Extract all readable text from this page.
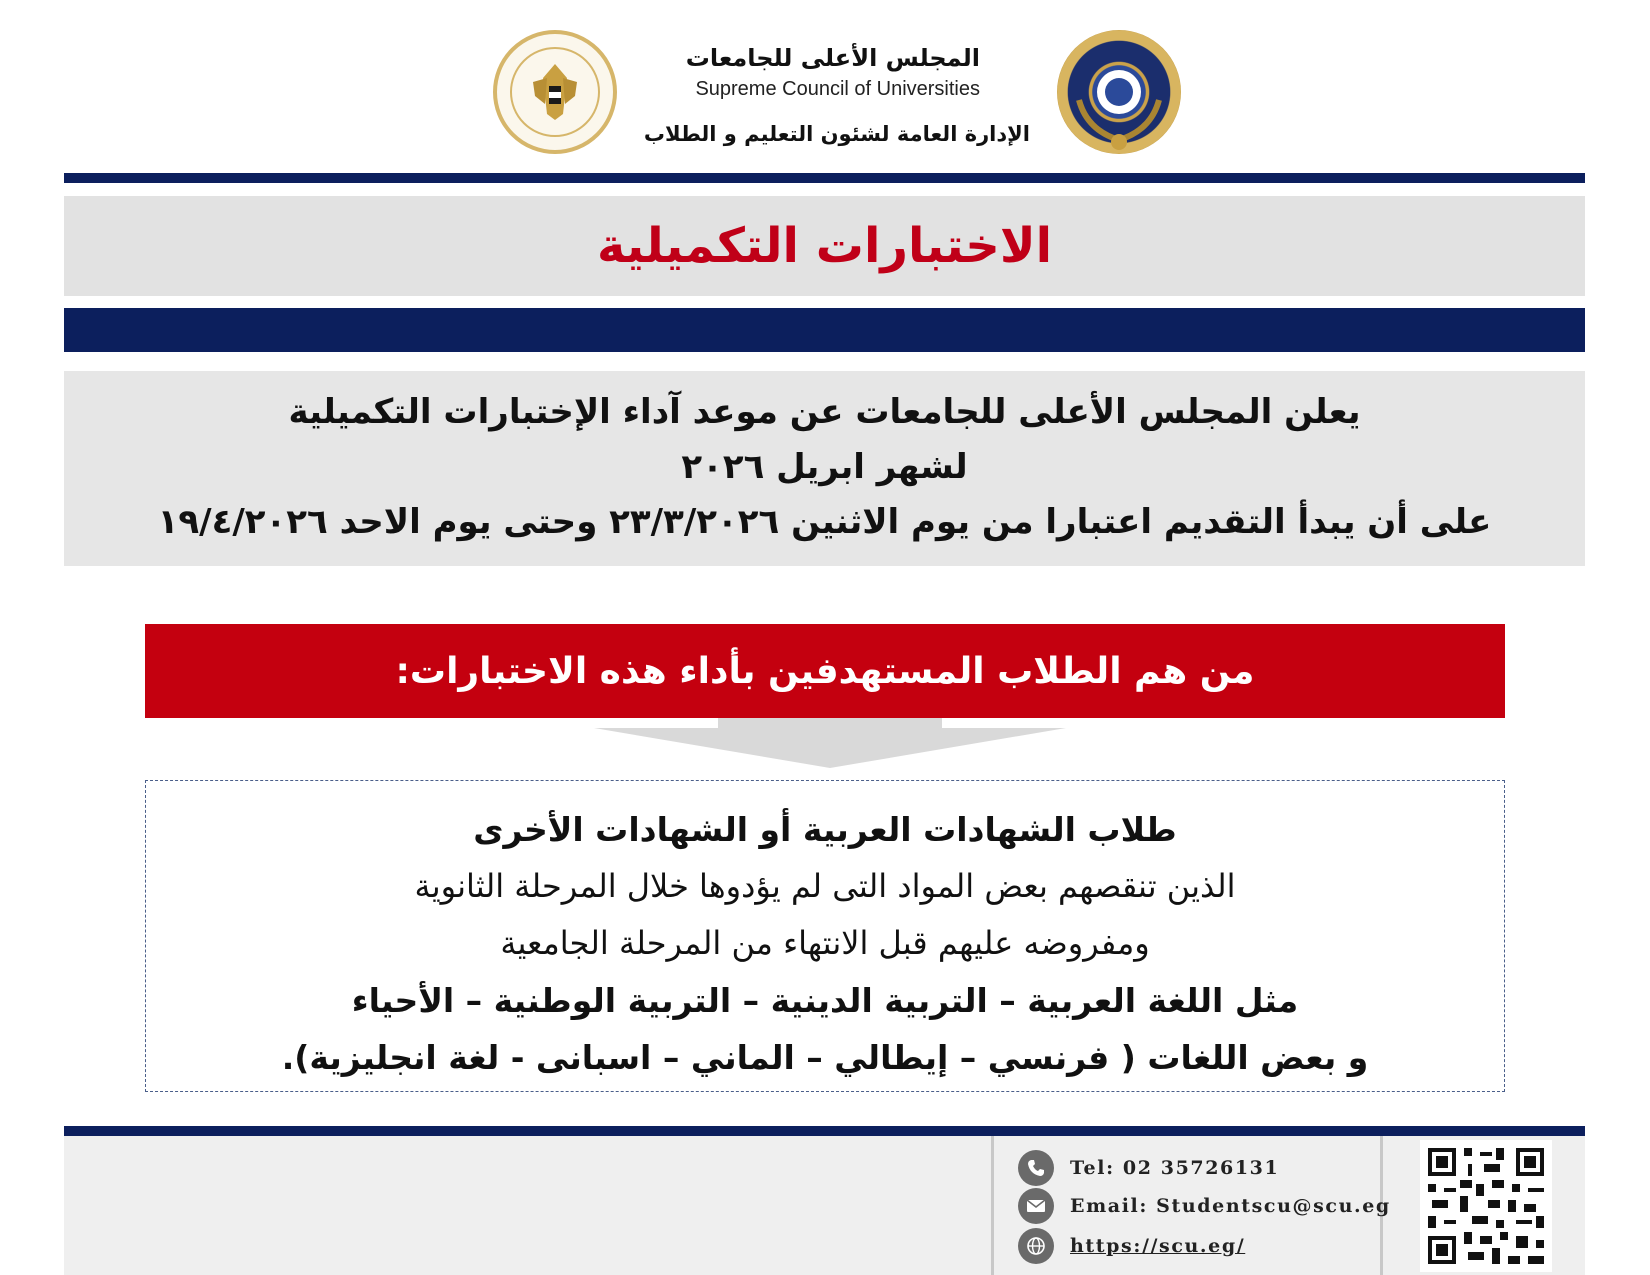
المجلس الأعلى للجامعات
Supreme Council of Universities
الإدارة العامة لشئون التعليم و الطلاب
الاختبارات التكميلية
يعلن المجلس الأعلى للجامعات عن موعد آداء الإختبارات التكميلية
لشهر ابريل ٢٠٢٦
على أن يبدأ التقديم اعتبارا من يوم الاثنين ٢٣/٣/٢٠٢٦ وحتى يوم الاحد ١٩/٤/٢٠٢٦
من هم الطلاب المستهدفين بأداء هذه الاختبارات:
طلاب الشهادات العربية أو الشهادات الأخرى
الذين تنقصهم بعض المواد التى لم يؤدوها خلال المرحلة الثانوية
ومفروضه عليهم قبل الانتهاء من المرحلة الجامعية
مثل اللغة العربية – التربية الدينية – التربية الوطنية – الأحياء
و بعض اللغات ( فرنسي – إيطالي – الماني – اسبانى - لغة انجليزية).
Tel: 02 35726131
Email: Studentscu@scu.eg
https://scu.eg/
